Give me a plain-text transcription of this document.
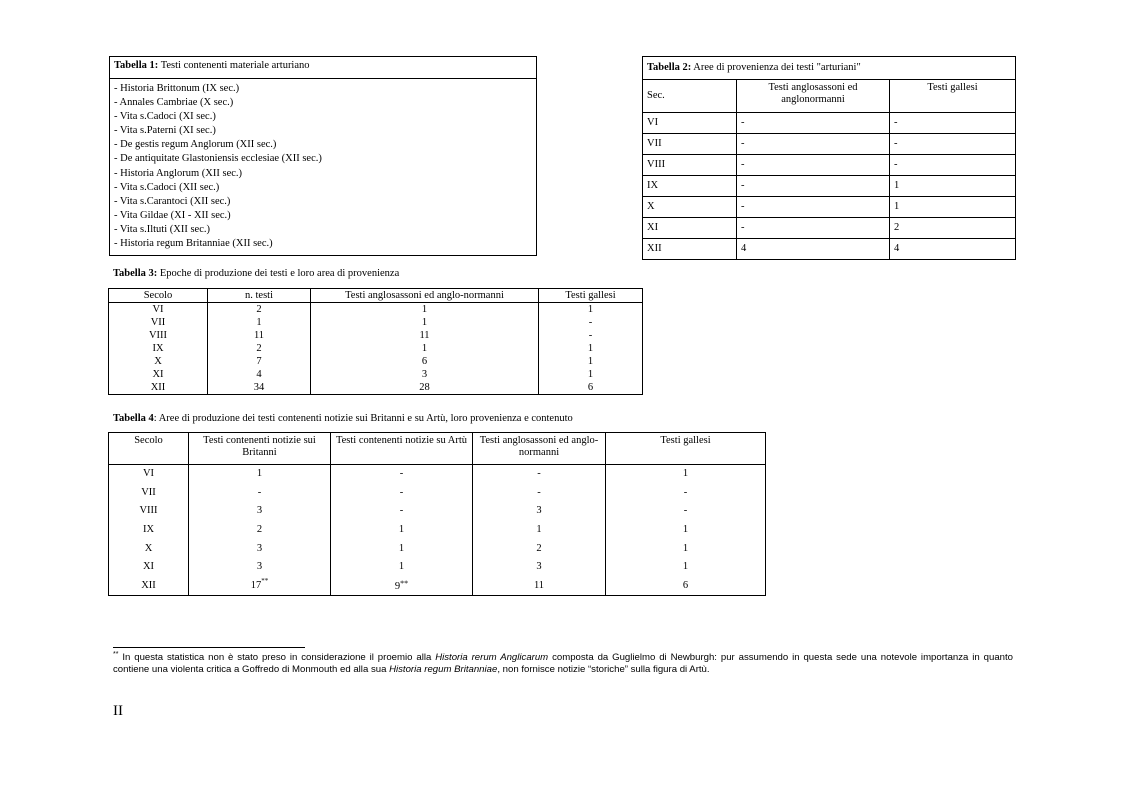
Tabella 1: Testi contenenti materiale arturiano
- Historia Brittonum (IX sec.)
- Annales Cambriae (X sec.)
- Vita s.Cadoci (XI sec.)
- Vita s.Paterni (XI sec.)
- De gestis regum Anglorum (XII sec.)
- De antiquitate Glastoniensis ecclesiae (XII sec.)
- Historia Anglorum (XII sec.)
- Vita s.Cadoci (XII sec.)
- Vita s.Carantoci (XII sec.)
- Vita Gildae (XI - XII sec.)
- Vita s.Iltuti (XII sec.)
- Historia regum Britanniae (XII sec.)
Tabella 2: Aree di provenienza dei testi "arturiani"		
Sec.	Testi anglosassoni ed anglonormanni	Testi gallesi
VI	-	-
VII	-	-
VIII	-	-
IX	-	1
X	-	1
XI	-	2
XII	4	4
Tabella 3: Epoche di produzione dei testi e loro area di provenienza
Secolo	n. testi	Testi anglosassoni ed anglo-normanni	Testi gallesi
VI	2	1	1
VII	1	1	-
VIII	11	11	-
IX	2	1	1
X	7	6	1
XI	4	3	1
XII	34	28	6
Tabella 4: Aree di produzione dei testi contenenti notizie sui Britanni e su Artù, loro provenienza e contenuto
Secolo	Testi contenenti notizie sui Britanni	Testi contenenti notizie su Artù	Testi anglosassoni ed anglo-normanni	Testi gallesi
VI	1	-	-	1
VII	-	-	-	-
VIII	3	-	3	-
IX	2	1	1	1
X	3	1	2	1
XI	3	1	3	1
XII	17**	9**	11	6
** In questa statistica non è stato preso in considerazione il proemio alla Historia rerum Anglicarum composta da Guglielmo di Newburgh: pur assumendo in questa sede una notevole importanza in quanto contiene una violenta critica a Goffredo di Monmouth ed alla sua Historia regum Britanniae, non fornisce notizie “storiche” sulla figura di Artù.
II
